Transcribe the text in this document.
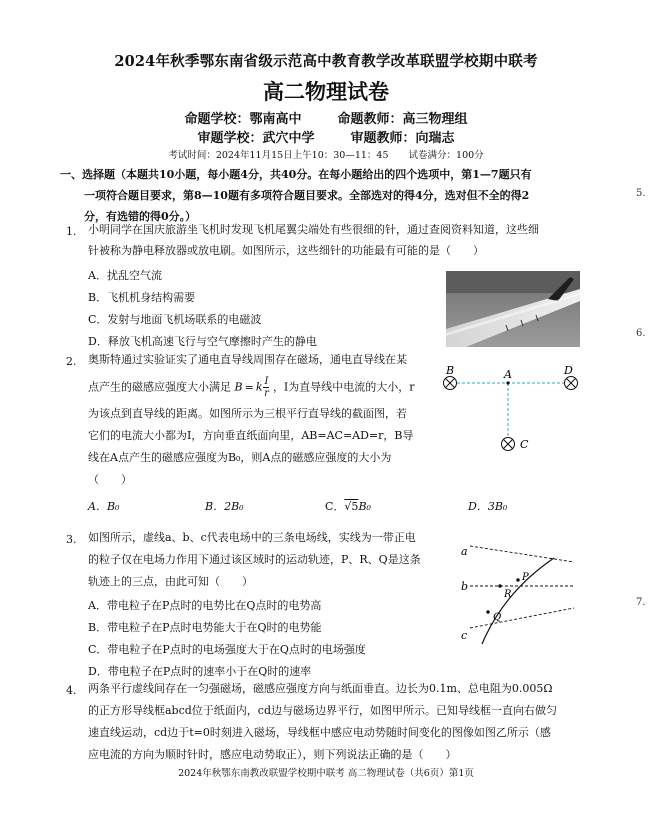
2024年秋季鄂东南省级示范高中教育教学改革联盟学校期中联考
高二物理试卷
命题学校：鄂南高中	命题教师：高三物理组
审题学校：武穴中学	审题教师：向瑞志
考试时间：2024年11月15日上午10：30—11：45 试卷满分：100分
一、选择题（本题共10小题，每小题4分，共40分。在每小题给出的四个选项中，第1—7题只有
一项符合题目要求，第8—10题有多项符合题目要求。全部选对的得4分，选对但不全的得2
分，有选错的得0分。）
1. 小明同学在国庆旅游坐飞机时发现飞机尾翼尖端处有些很细的针，通过查阅资料知道，这些细
针被称为静电释放器或放电刷。如图所示，这些细针的功能最有可能的是（　　）
A．扰乱空气流
B．飞机机身结构需要
C．发射与地面飞机场联系的电磁波
D．释放飞机高速飞行与空气摩擦时产生的静电
2. 奥斯特通过实验证实了通电直导线周围存在磁场，通电直导线在某
点产生的磁感应强度大小满足 B = k $\frac{I}{r}$ ，I为直导线中电流的大小，r
为该点到直导线的距离。如图所示为三根平行直导线的截面图，若
它们的电流大小都为I，方向垂直纸面向里，AB=AC=AD=r，B导
线在A点产生的磁感应强度为B₀，则A点的磁感应强度的大小为
（　　）
A．B₀	B．2B₀	C．√5B₀	D．3B₀
B	A	D
C
3. 如图所示，虚线a、b、c代表电场中的三条电场线，实线为一带正电
的粒子仅在电场力作用下通过该区域时的运动轨迹，P、R、Q是这条
轨迹上的三点，由此可知（　　）
A．带电粒子在P点时的电势比在Q点时的电势高
B．带电粒子在P点时电势能大于在Q时的电势能
C．带电粒子在P点时的电场强度大于在Q点时的电场强度
D．带电粒子在P点时的速率小于在Q时的速率
a
b
c
P
R
Q
4. 两条平行虚线间存在一匀强磁场，磁感应强度方向与纸面垂直。边长为0.1m、总电阻为0.005Ω
的正方形导线框abcd位于纸面内，cd边与磁场边界平行，如图甲所示。已知导线框一直向右做匀
速直线运动，cd边于t=0时刻进入磁场，导线框中感应电动势随时间变化的图像如图乙所示（感
应电流的方向为顺时针时，感应电动势取正），则下列说法正确的是（　　）
5.
6.
7.
2024年秋鄂东南教改联盟学校期中联考 高二物理试卷（共6页）第1页
